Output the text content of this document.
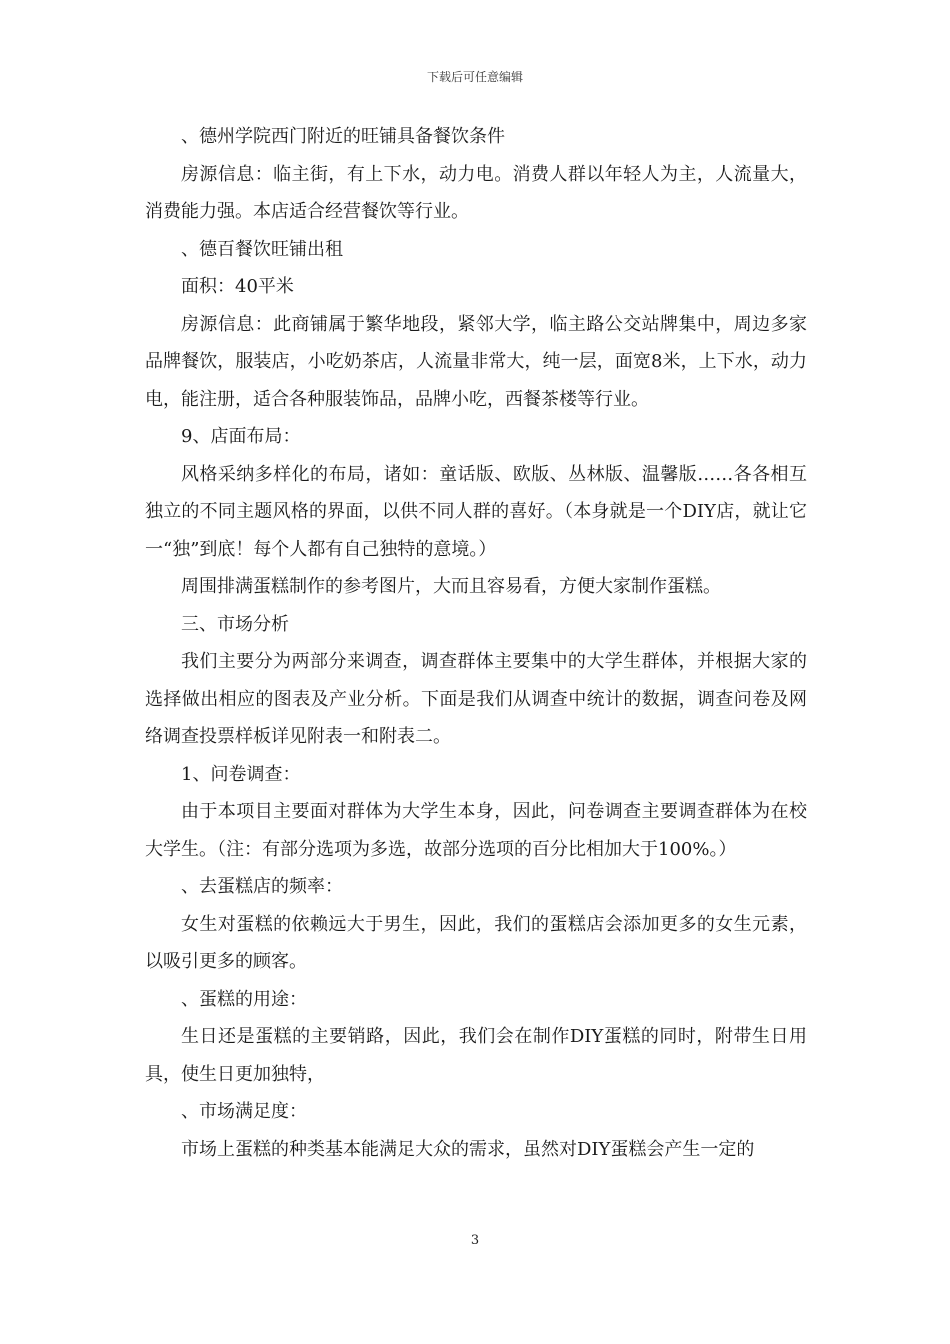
下载后可任意编辑

、德州学院西门附近的旺铺具备餐饮条件

房源信息：临主街，有上下水，动力电。消费人群以年轻人为主，人流量大，消费能力强。本店适合经营餐饮等行业。

、德百餐饮旺铺出租

面积：40平米

房源信息：此商铺属于繁华地段，紧邻大学，临主路公交站牌集中，周边多家品牌餐饮，服装店，小吃奶茶店，人流量非常大，纯一层，面宽8米，上下水，动力电，能注册，适合各种服装饰品，品牌小吃，西餐茶楼等行业。

9、店面布局：

风格采纳多样化的布局，诸如：童话版、欧版、丛林版、温馨版……各各相互独立的不同主题风格的界面，以供不同人群的喜好。（本身就是一个DIY店，就让它一“独”到底！每个人都有自己独特的意境。）

周围排满蛋糕制作的参考图片，大而且容易看，方便大家制作蛋糕。

三、市场分析

我们主要分为两部分来调查，调查群体主要集中的大学生群体，并根据大家的选择做出相应的图表及产业分析。下面是我们从调查中统计的数据，调查问卷及网络调查投票样板详见附表一和附表二。

1、问卷调查：

由于本项目主要面对群体为大学生本身，因此，问卷调查主要调查群体为在校大学生。（注：有部分选项为多选，故部分选项的百分比相加大于100%。）

、去蛋糕店的频率：

女生对蛋糕的依赖远大于男生，因此，我们的蛋糕店会添加更多的女生元素，以吸引更多的顾客。

、蛋糕的用途：

生日还是蛋糕的主要销路，因此，我们会在制作DIY蛋糕的同时，附带生日用具，使生日更加独特，

、市场满足度：

市场上蛋糕的种类基本能满足大众的需求，虽然对DIY蛋糕会产生一定的

3
